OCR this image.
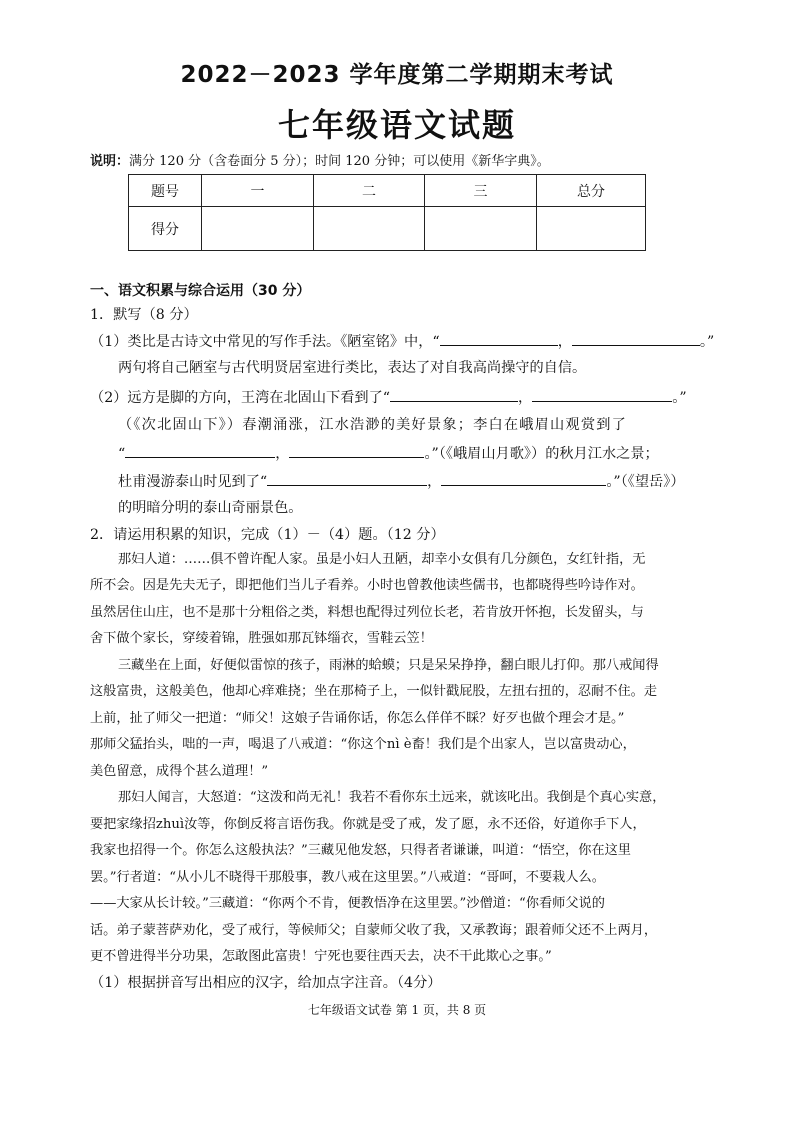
2022－2023 学年度第二学期期末考试
七年级语文试题
说明：满分 120 分（含卷面分 5 分）；时间 120 分钟；可以使用《新华字典》。
题号	一	二	三	总分
得分				
一、语文积累与综合运用（30 分）
1．默写（8 分）
（1）类比是古诗文中常见的写作手法。《陋室铭》中，“	，	。”
两句将自己陋室与古代明贤居室进行类比，表达了对自我高尚操守的自信。
（2）远方是脚的方向，王湾在北固山下看到了“	，	。”
（《次北固山下》）春潮涌涨，江水浩渺的美好景象；李白在峨眉山观赏到了
“	，	。”（《峨眉山月歌》）的秋月江水之景；
杜甫漫游泰山时见到了“	，	。”（《望岳》）
的明暗分明的泰山奇丽景色。
2．请运用积累的知识，完成（1）－（4）题。（12 分）
那妇人道：……俱不曾许配人家。虽是小妇人丑陋，却幸小女俱有几分颜色，女红针指，无
所不会。因是先夫无子，即把他们当儿子看养。小时也曾教他读些儒书，也都晓得些吟诗作对。
虽然居住山庄，也不是那十分粗俗之类，料想也配得过列位长老，若肯放开怀抱，长发留头，与
舍下做个家长，穿绫着锦，胜强如那瓦钵缁衣，雪鞋云笠！
三藏坐在上面，好便似雷惊的孩子，雨淋的蛤蟆；只是呆呆挣挣，翻白眼儿打仰。那八戒闻得
这般富贵，这般美色，他却心痒难挠；坐在那椅子上，一似针戳屁股，左扭右扭的，忍耐不住。走
上前，扯了师父一把道：“师父！这娘子告诵你话，你怎么佯佯不睬？好歹也做个理会才是。”
那师父猛抬头，咄的一声，喝退了八戒道：“你这个nì è畜！我们是个出家人，岂以富贵动心，
美色留意，成得个甚么道理！”
那妇人闻言，大怒道：“这泼和尚无礼！我若不看你东土远来，就该叱出。我倒是个真心实意，
要把家缘招zhuì汝等，你倒反将言语伤我。你就是受了戒，发了愿，永不还俗，好道你手下人，
我家也招得一个。你怎么这般执法？”三藏见他发怒，只得者者谦谦，叫道：“悟空，你在这里
罢。”行者道：“从小儿不晓得干那般事，教八戒在这里罢。”八戒道：“哥呵，不要栽人么。
——大家从长计较。”三藏道：“你两个不肯，便教悟净在这里罢。”沙僧道：“你看师父说的
话。弟子蒙菩萨劝化，受了戒行，等候师父；自蒙师父收了我，又承教诲；跟着师父还不上两月，
更不曾进得半分功果，怎敢图此富贵！宁死也要往西天去，决不干此欺心之事。”
（1）根据拼音写出相应的汉字，给加点字注音。（4分）
七年级语文试卷 第 1 页，共 8 页
